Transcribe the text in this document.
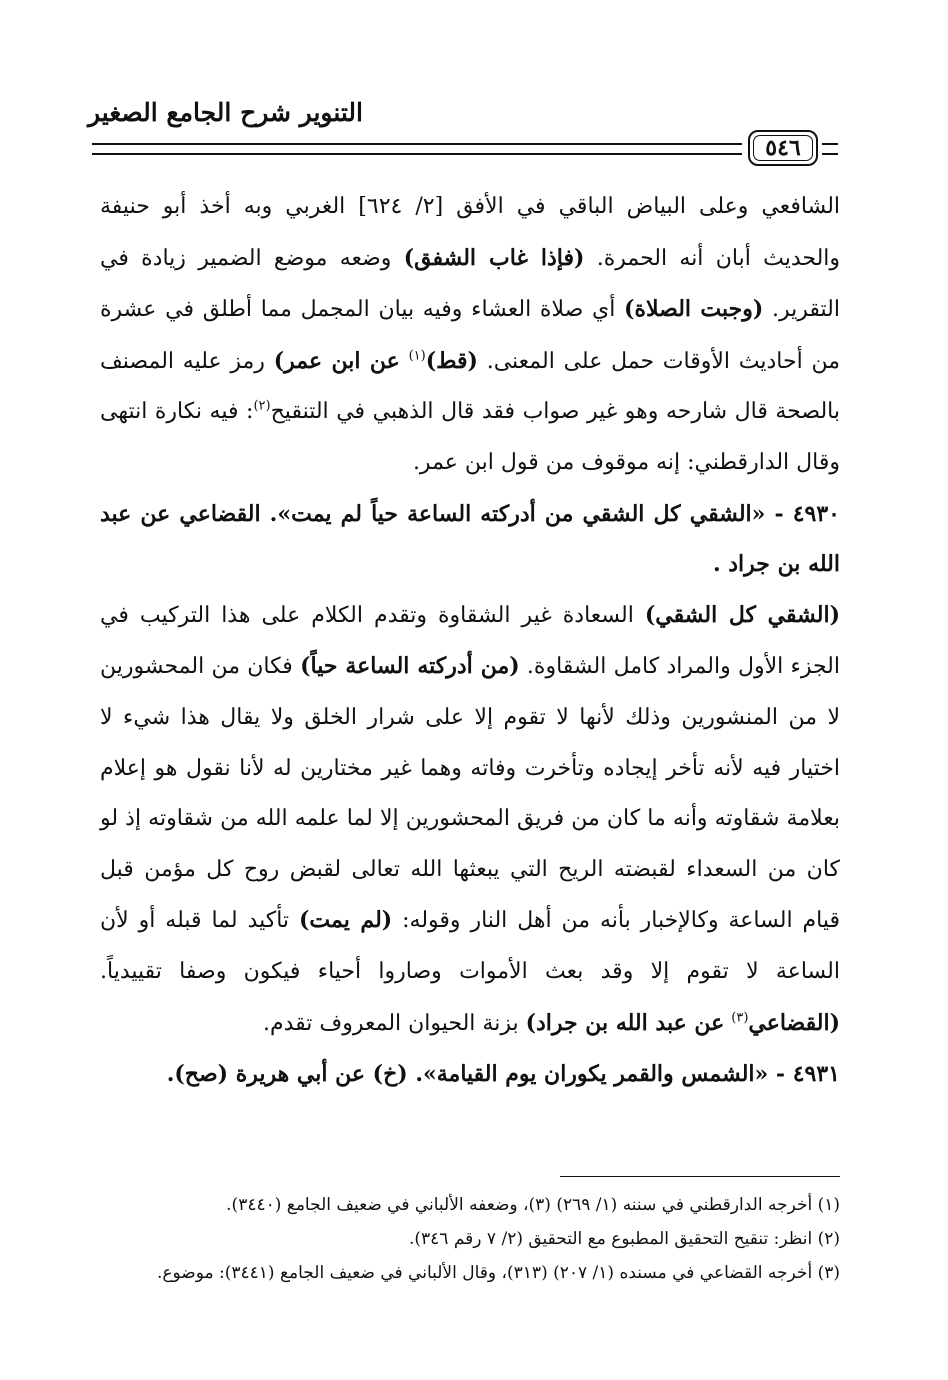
التنوير شرح الجامع الصغير
٥٤٦

الشافعي وعلى البياض الباقي في الأفق [٢/ ٦٢٤] الغربي وبه أخذ أبو حنيفة والحديث أبان أنه الحمرة. (فإذا غاب الشفق) وضعه موضع الضمير زيادة في التقرير. (وجبت الصلاة) أي صلاة العشاء وفيه بيان المجمل مما أطلق في عشرة من أحاديث الأوقات حمل على المعنى. (قط)$^{(١)}$ عن ابن عمر) رمز عليه المصنف بالصحة قال شارحه وهو غير صواب فقد قال الذهبي في التنقيح$^{(٢)}$: فيه نكارة انتهى وقال الدارقطني: إنه موقوف من قول ابن عمر.

٤٩٣٠ - «الشقي كل الشقي من أدركته الساعة حياً لم يمت». القضاعي عن عبد الله بن جراد .

(الشقي كل الشقي) السعادة غير الشقاوة وتقدم الكلام على هذا التركيب في الجزء الأول والمراد كامل الشقاوة. (من أدركته الساعة حياً) فكان من المحشورين لا من المنشورين وذلك لأنها لا تقوم إلا على شرار الخلق ولا يقال هذا شيء لا اختيار فيه لأنه تأخر إيجاده وتأخرت وفاته وهما غير مختارين له لأنا نقول هو إعلام بعلامة شقاوته وأنه ما كان من فريق المحشورين إلا لما علمه الله من شقاوته إذ لو كان من السعداء لقبضته الريح التي يبعثها الله تعالى لقبض روح كل مؤمن قبل قيام الساعة وكالإخبار بأنه من أهل النار وقوله: (لم يمت) تأكيد لما قبله أو لأن الساعة لا تقوم إلا وقد بعث الأموات وصاروا أحياء فيكون وصفا تقييدياً. (القضاعي$^{(٣)}$ عن عبد الله بن جراد) بزنة الحيوان المعروف تقدم.

٤٩٣١ - «الشمس والقمر يكوران يوم القيامة». (خ) عن أبي هريرة (صح).

(١) أخرجه الدارقطني في سننه (١/ ٢٦٩) (٣)، وضعفه الألباني في ضعيف الجامع (٣٤٤٠).

(٢) انظر: تنقيح التحقيق المطبوع مع التحقيق (٢/ ٧ رقم ٣٤٦).

(٣) أخرجه القضاعي في مسنده (١/ ٢٠٧) (٣١٣)، وقال الألباني في ضعيف الجامع (٣٤٤١): موضوع.
